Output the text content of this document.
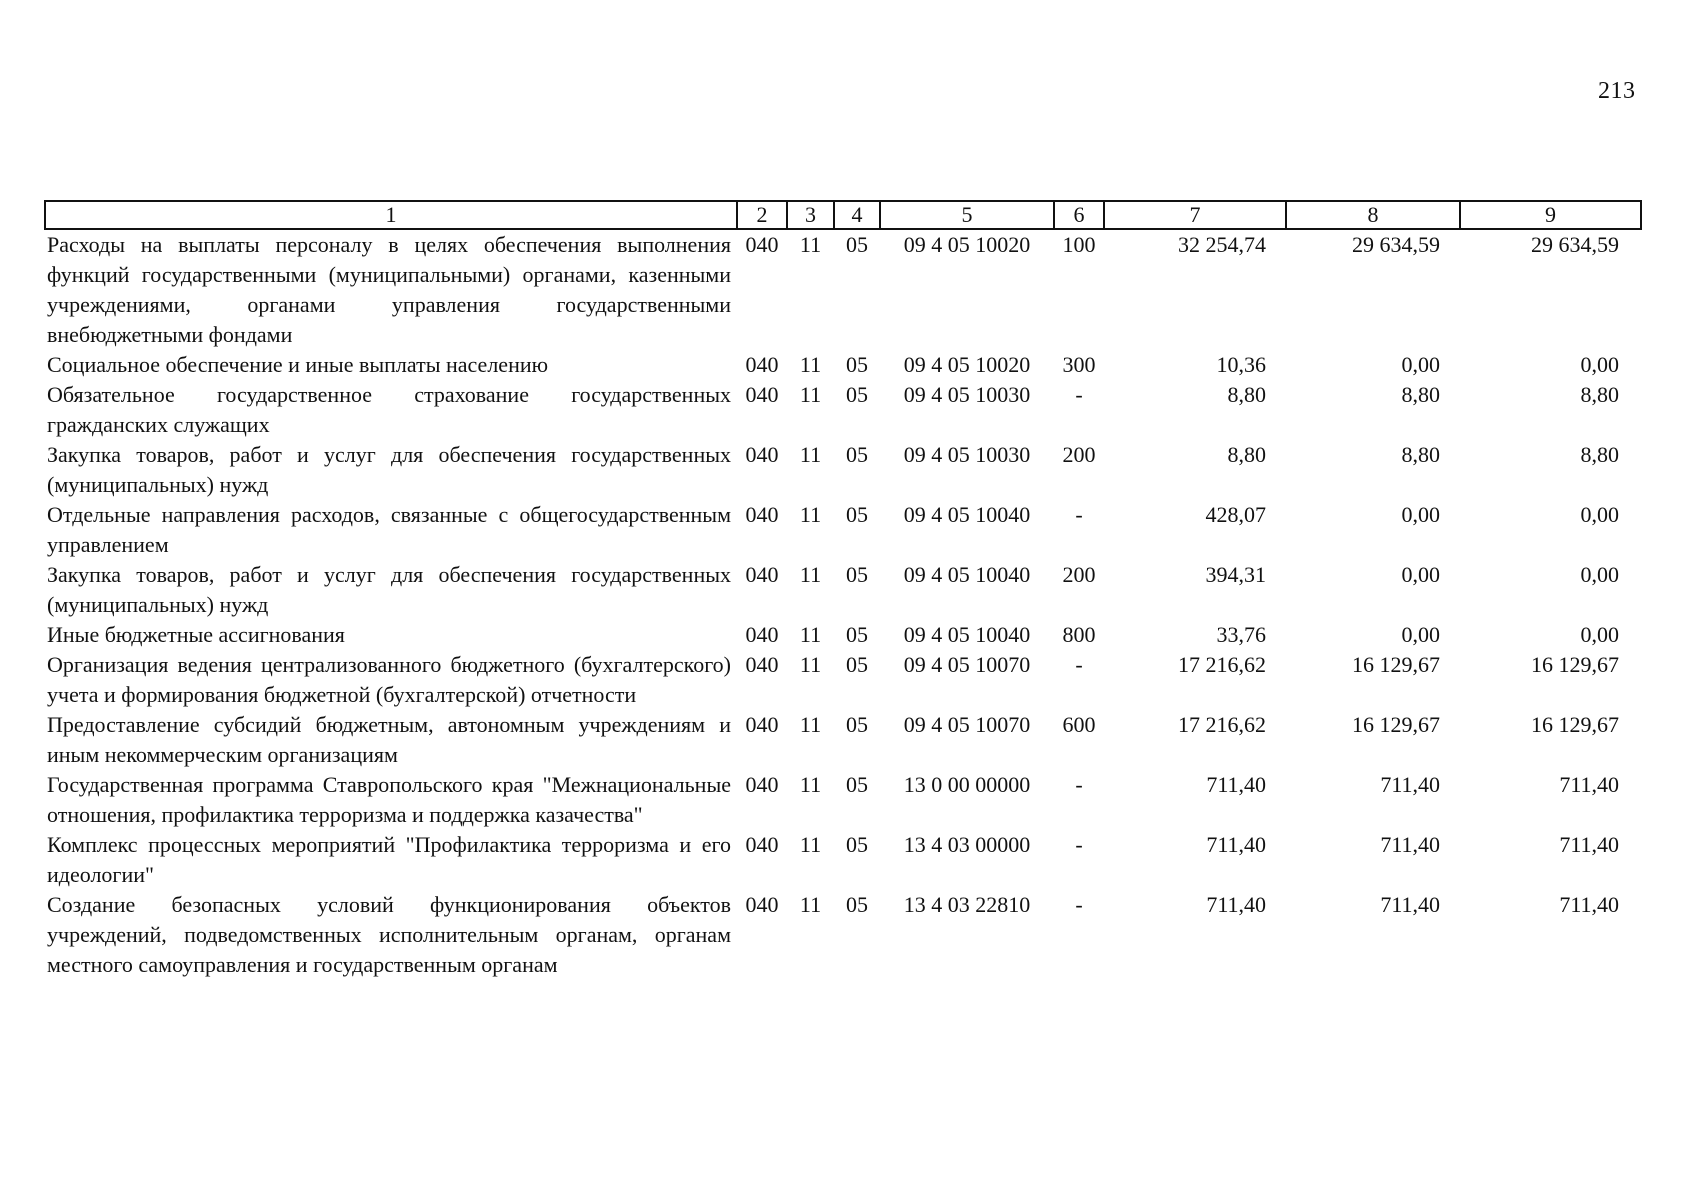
213
1	2	3	4	5	6	7	8	9
Расходы на выплаты персоналу в целях обеспечения выполнения функций государственными (муниципальными) органами, казенными учреждениями, органами управления государственными внебюджетными фондами	040	11	05	09 4 05 10020	100	32 254,74	29 634,59	29 634,59
Социальное обеспечение и иные выплаты населению	040	11	05	09 4 05 10020	300	10,36	0,00	0,00
Обязательное государственное страхование государственных гражданских служащих	040	11	05	09 4 05 10030	-	8,80	8,80	8,80
Закупка товаров, работ и услуг для обеспечения государственных (муниципальных) нужд	040	11	05	09 4 05 10030	200	8,80	8,80	8,80
Отдельные направления расходов, связанные с общегосударственным управлением	040	11	05	09 4 05 10040	-	428,07	0,00	0,00
Закупка товаров, работ и услуг для обеспечения государственных (муниципальных) нужд	040	11	05	09 4 05 10040	200	394,31	0,00	0,00
Иные бюджетные ассигнования	040	11	05	09 4 05 10040	800	33,76	0,00	0,00
Организация ведения централизованного бюджетного (бухгалтерского) учета и формирования бюджетной (бухгалтерской) отчетности	040	11	05	09 4 05 10070	-	17 216,62	16 129,67	16 129,67
Предоставление субсидий бюджетным, автономным учреждениям и иным некоммерческим организациям	040	11	05	09 4 05 10070	600	17 216,62	16 129,67	16 129,67
Государственная программа Ставропольского края "Межнациональные отношения, профилактика терроризма и поддержка казачества"	040	11	05	13 0 00 00000	-	711,40	711,40	711,40
Комплекс процессных мероприятий "Профилактика терроризма и его идеологии"	040	11	05	13 4 03 00000	-	711,40	711,40	711,40
Создание безопасных условий функционирования объектов учреждений, подведомственных исполнительным органам, органам местного самоуправления и государственным органам	040	11	05	13 4 03 22810	-	711,40	711,40	711,40
